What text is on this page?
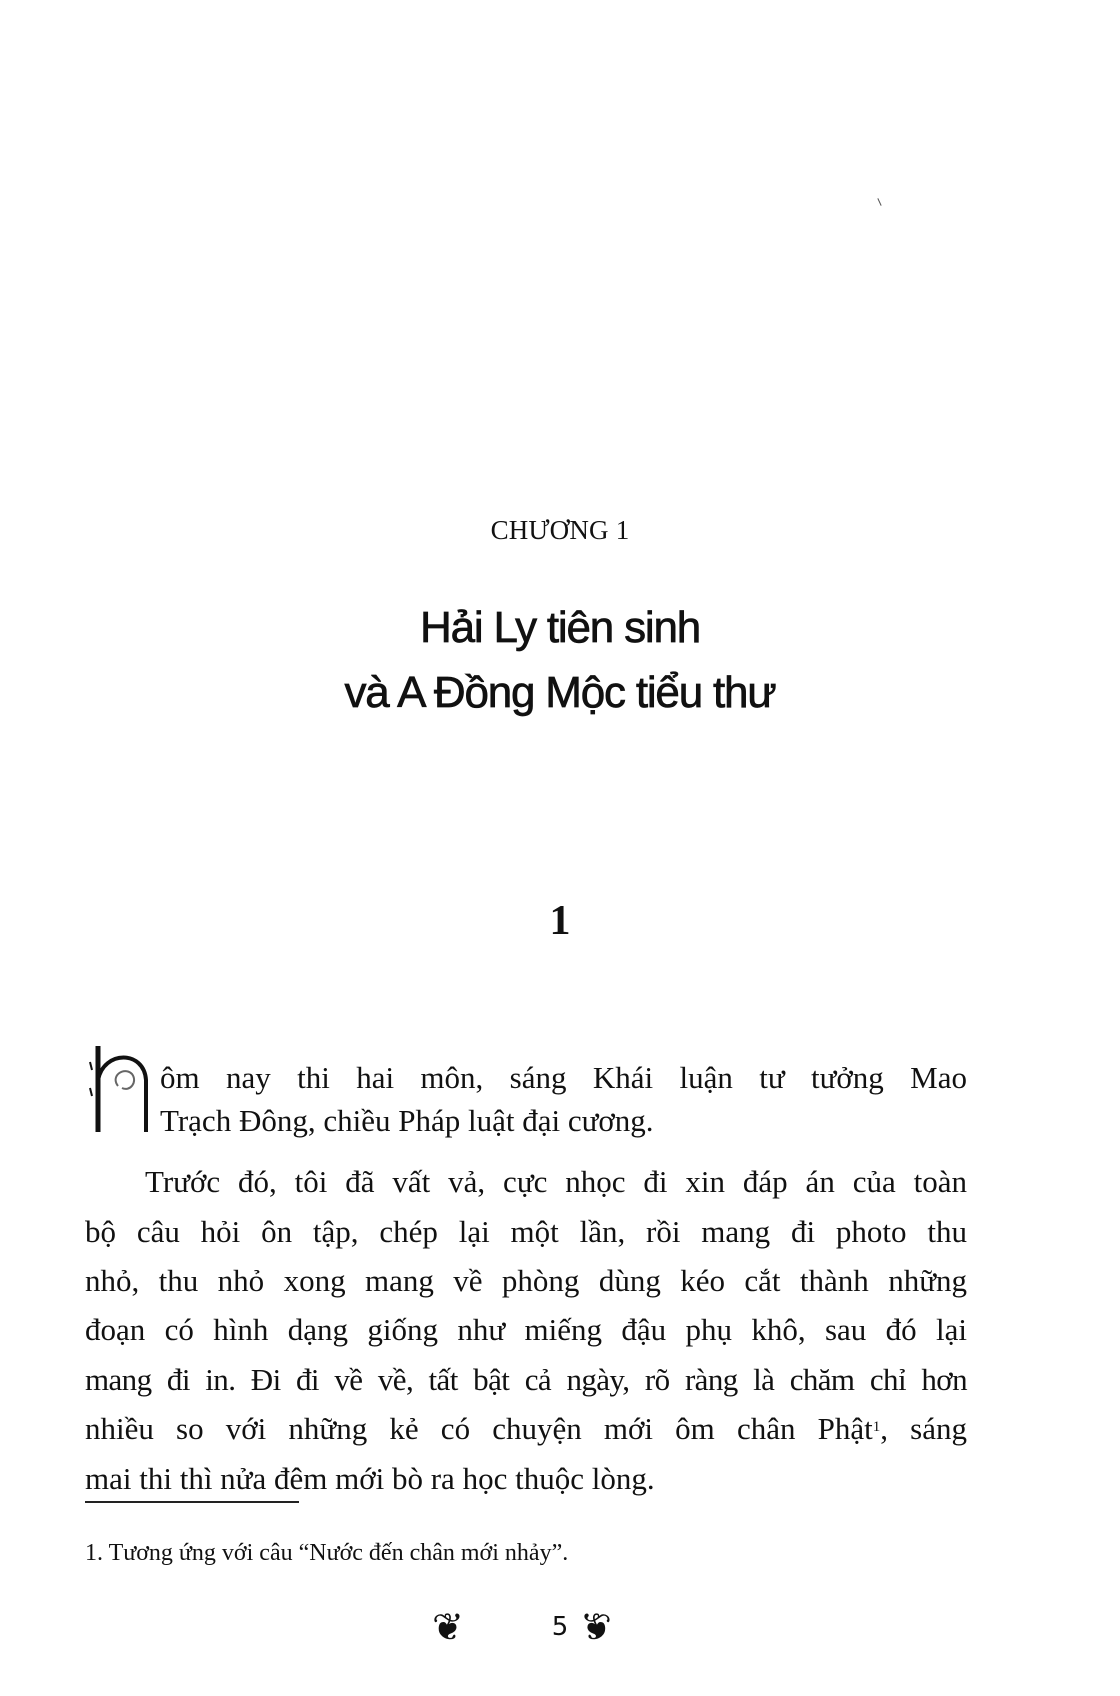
CHƯƠNG 1
Hải Ly tiên sinh
và A Đồng Mộc tiểu thư
1
ôm nay thi hai môn, sáng Khái luận tư tưởng Mao
Trạch Đông, chiều Pháp luật đại cương.
Trước đó, tôi đã vất vả, cực nhọc đi xin đáp án của toàn
bộ câu hỏi ôn tập, chép lại một lần, rồi mang đi photo thu
nhỏ, thu nhỏ xong mang về phòng dùng kéo cắt thành những
đoạn có hình dạng giống như miếng đậu phụ khô, sau đó lại
mang đi in. Đi đi về về, tất bật cả ngày, rõ ràng là chăm chỉ hơn
nhiều so với những kẻ có chuyện mới ôm chân Phật$^1$, sáng
mai thi thì nửa đêm mới bò ra học thuộc lòng.
1. Tương ứng với câu “Nước đến chân mới nhảy”.
❦	5 ❦
